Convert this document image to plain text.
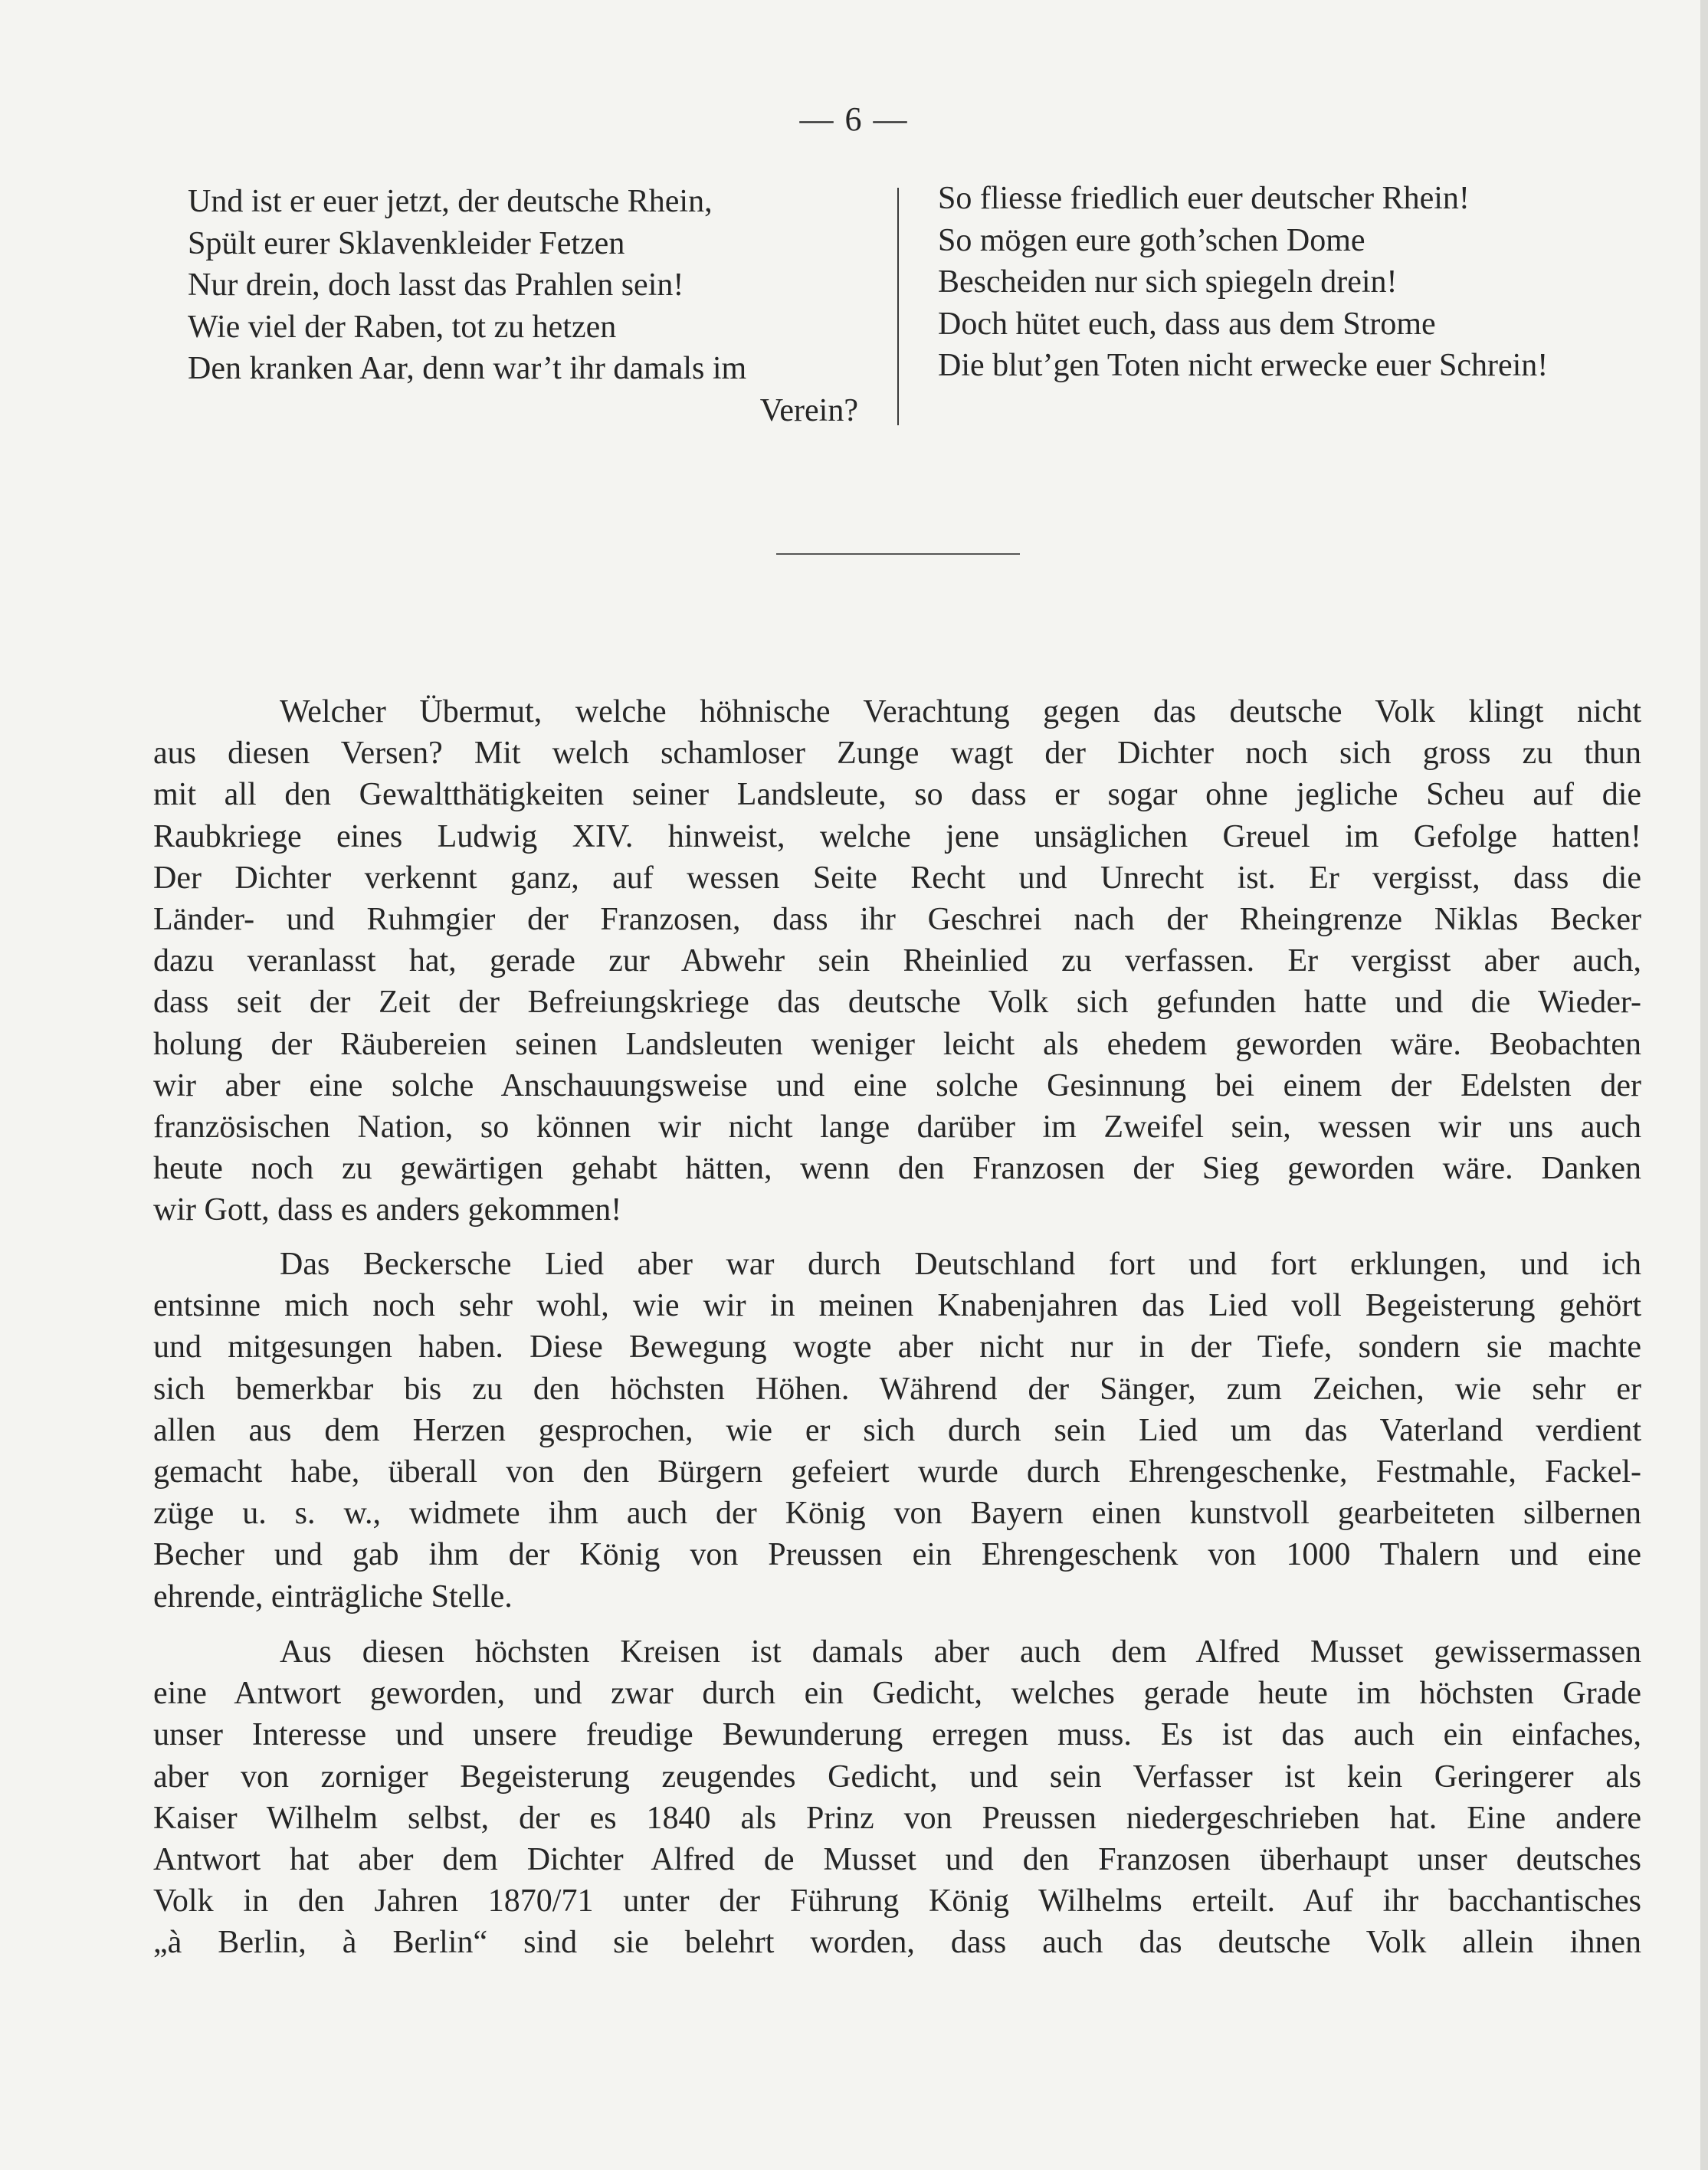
— 6 —
Und ist er euer jetzt, der deutsche Rhein,
Spült eurer Sklavenkleider Fetzen
Nur drein, doch lasst das Prahlen sein!
Wie viel der Raben, tot zu hetzen
Den kranken Aar, denn war’t ihr damals im
Verein?
So fliesse friedlich euer deutscher Rhein!
So mögen eure goth’schen Dome
Bescheiden nur sich spiegeln drein!
Doch hütet euch, dass aus dem Strome
Die blut’gen Toten nicht erwecke euer Schrein!
Welcher Übermut, welche höhnische Verachtung gegen das deutsche Volk klingt nicht
aus diesen Versen? Mit welch schamloser Zunge wagt der Dichter noch sich gross zu thun
mit all den Gewaltthätigkeiten seiner Landsleute, so dass er sogar ohne jegliche Scheu auf die
Raubkriege eines Ludwig XIV. hinweist, welche jene unsäglichen Greuel im Gefolge hatten!
Der Dichter verkennt ganz, auf wessen Seite Recht und Unrecht ist. Er vergisst, dass die
Länder- und Ruhmgier der Franzosen, dass ihr Geschrei nach der Rheingrenze Niklas Becker
dazu veranlasst hat, gerade zur Abwehr sein Rheinlied zu verfassen. Er vergisst aber auch,
dass seit der Zeit der Befreiungskriege das deutsche Volk sich gefunden hatte und die Wieder-
holung der Räubereien seinen Landsleuten weniger leicht als ehedem geworden wäre. Beobachten
wir aber eine solche Anschauungsweise und eine solche Gesinnung bei einem der Edelsten der
französischen Nation, so können wir nicht lange darüber im Zweifel sein, wessen wir uns auch
heute noch zu gewärtigen gehabt hätten, wenn den Franzosen der Sieg geworden wäre. Danken
wir Gott, dass es anders gekommen!
Das Beckersche Lied aber war durch Deutschland fort und fort erklungen, und ich
entsinne mich noch sehr wohl, wie wir in meinen Knabenjahren das Lied voll Begeisterung gehört
und mitgesungen haben. Diese Bewegung wogte aber nicht nur in der Tiefe, sondern sie machte
sich bemerkbar bis zu den höchsten Höhen. Während der Sänger, zum Zeichen, wie sehr er
allen aus dem Herzen gesprochen, wie er sich durch sein Lied um das Vaterland verdient
gemacht habe, überall von den Bürgern gefeiert wurde durch Ehrengeschenke, Festmahle, Fackel-
züge u. s. w., widmete ihm auch der König von Bayern einen kunstvoll gearbeiteten silbernen
Becher und gab ihm der König von Preussen ein Ehrengeschenk von 1000 Thalern und eine
ehrende, einträgliche Stelle.
Aus diesen höchsten Kreisen ist damals aber auch dem Alfred Musset gewissermassen
eine Antwort geworden, und zwar durch ein Gedicht, welches gerade heute im höchsten Grade
unser Interesse und unsere freudige Bewunderung erregen muss. Es ist das auch ein einfaches,
aber von zorniger Begeisterung zeugendes Gedicht, und sein Verfasser ist kein Geringerer als
Kaiser Wilhelm selbst, der es 1840 als Prinz von Preussen niedergeschrieben hat. Eine andere
Antwort hat aber dem Dichter Alfred de Musset und den Franzosen überhaupt unser deutsches
Volk in den Jahren 1870/71 unter der Führung König Wilhelms erteilt. Auf ihr bacchantisches
„à Berlin, à Berlin“ sind sie belehrt worden, dass auch das deutsche Volk allein ihnen
